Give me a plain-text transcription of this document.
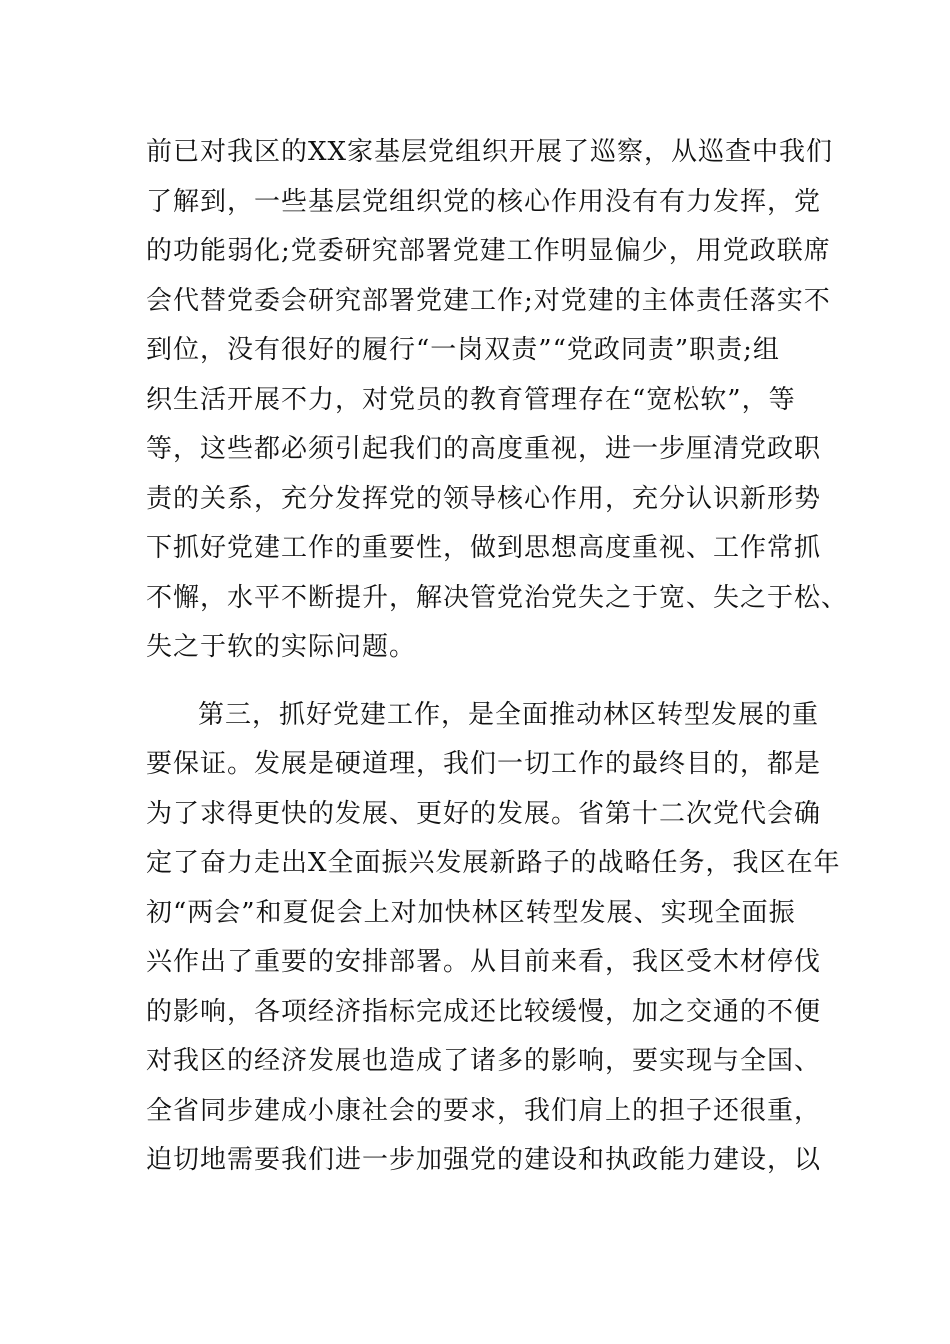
前已对我区的XX家基层党组织开展了巡察，从巡查中我们
了解到，一些基层党组织党的核心作用没有有力发挥，党
的功能弱化;党委研究部署党建工作明显偏少，用党政联席
会代替党委会研究部署党建工作;对党建的主体责任落实不
到位，没有很好的履行“一岗双责”“党政同责”职责;组
织生活开展不力，对党员的教育管理存在“宽松软”，等
等，这些都必须引起我们的高度重视，进一步厘清党政职
责的关系，充分发挥党的领导核心作用，充分认识新形势
下抓好党建工作的重要性，做到思想高度重视、工作常抓
不懈，水平不断提升，解决管党治党失之于宽、失之于松、
失之于软的实际问题。
第三，抓好党建工作，是全面推动林区转型发展的重
要保证。发展是硬道理，我们一切工作的最终目的，都是
为了求得更快的发展、更好的发展。省第十二次党代会确
定了奋力走出X全面振兴发展新路子的战略任务，我区在年
初“两会”和夏促会上对加快林区转型发展、实现全面振
兴作出了重要的安排部署。从目前来看，我区受木材停伐
的影响，各项经济指标完成还比较缓慢，加之交通的不便
对我区的经济发展也造成了诸多的影响，要实现与全国、
全省同步建成小康社会的要求，我们肩上的担子还很重，
迫切地需要我们进一步加强党的建设和执政能力建设，以
